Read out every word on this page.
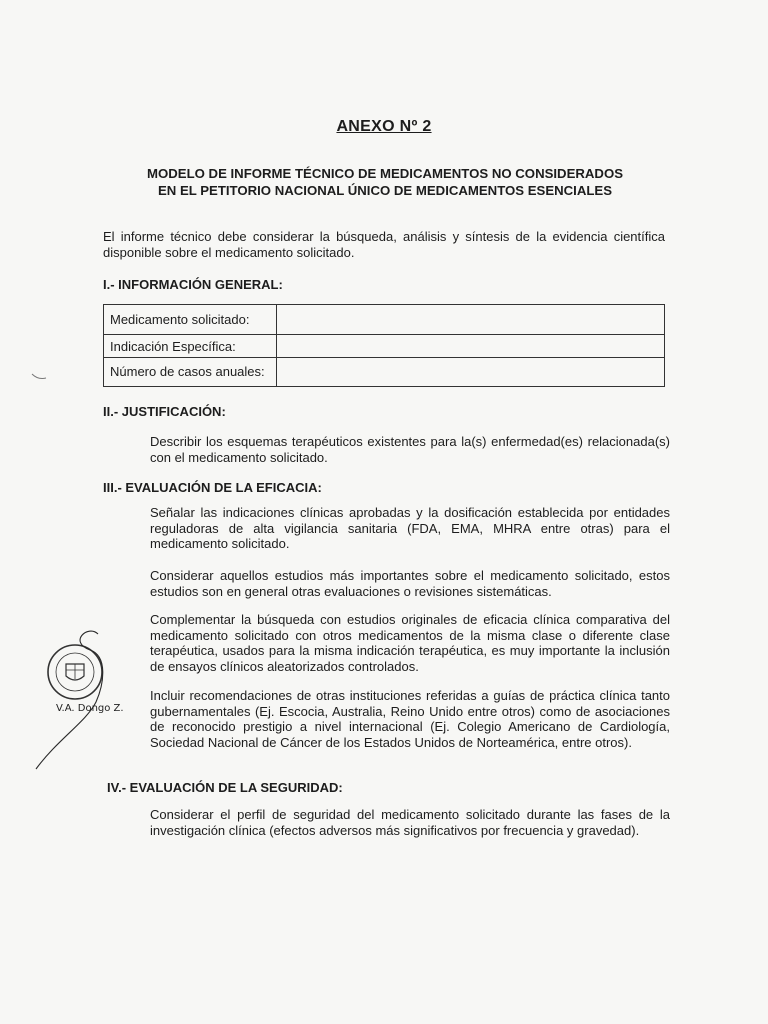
ANEXO Nº 2
MODELO DE INFORME TÉCNICO DE MEDICAMENTOS NO CONSIDERADOS
EN EL PETITORIO NACIONAL ÚNICO DE MEDICAMENTOS ESENCIALES
El informe técnico debe considerar la búsqueda, análisis y síntesis de la evidencia científica disponible sobre el medicamento solicitado.
I.- INFORMACIÓN GENERAL:
Medicamento solicitado:	
Indicación Específica:	
Número de casos anuales:	
II.- JUSTIFICACIÓN:
Describir los esquemas terapéuticos existentes para la(s) enfermedad(es) relacionada(s) con el medicamento solicitado.
III.- EVALUACIÓN DE LA EFICACIA:
Señalar las indicaciones clínicas aprobadas y la dosificación establecida por entidades reguladoras de alta vigilancia sanitaria (FDA, EMA, MHRA entre otras) para el medicamento solicitado.
Considerar aquellos estudios más importantes sobre el medicamento solicitado, estos estudios son en general otras evaluaciones o revisiones sistemáticas.
Complementar la búsqueda con estudios originales de eficacia clínica comparativa del medicamento solicitado con otros medicamentos de la misma clase o diferente clase terapéutica, usados para la misma indicación terapéutica, es muy importante la inclusión de ensayos clínicos aleatorizados controlados.
Incluir recomendaciones de otras instituciones referidas a guías de práctica clínica tanto gubernamentales (Ej. Escocia, Australia, Reino Unido entre otros) como de asociaciones de reconocido prestigio a nivel internacional (Ej. Colegio Americano de Cardiología, Sociedad Nacional de Cáncer de los Estados Unidos de Norteamérica, entre otros).
IV.- EVALUACIÓN DE LA SEGURIDAD:
Considerar el perfil de seguridad del medicamento solicitado durante las fases de la investigación clínica (efectos adversos más significativos por frecuencia y gravedad).
V.A. Dongo Z.
